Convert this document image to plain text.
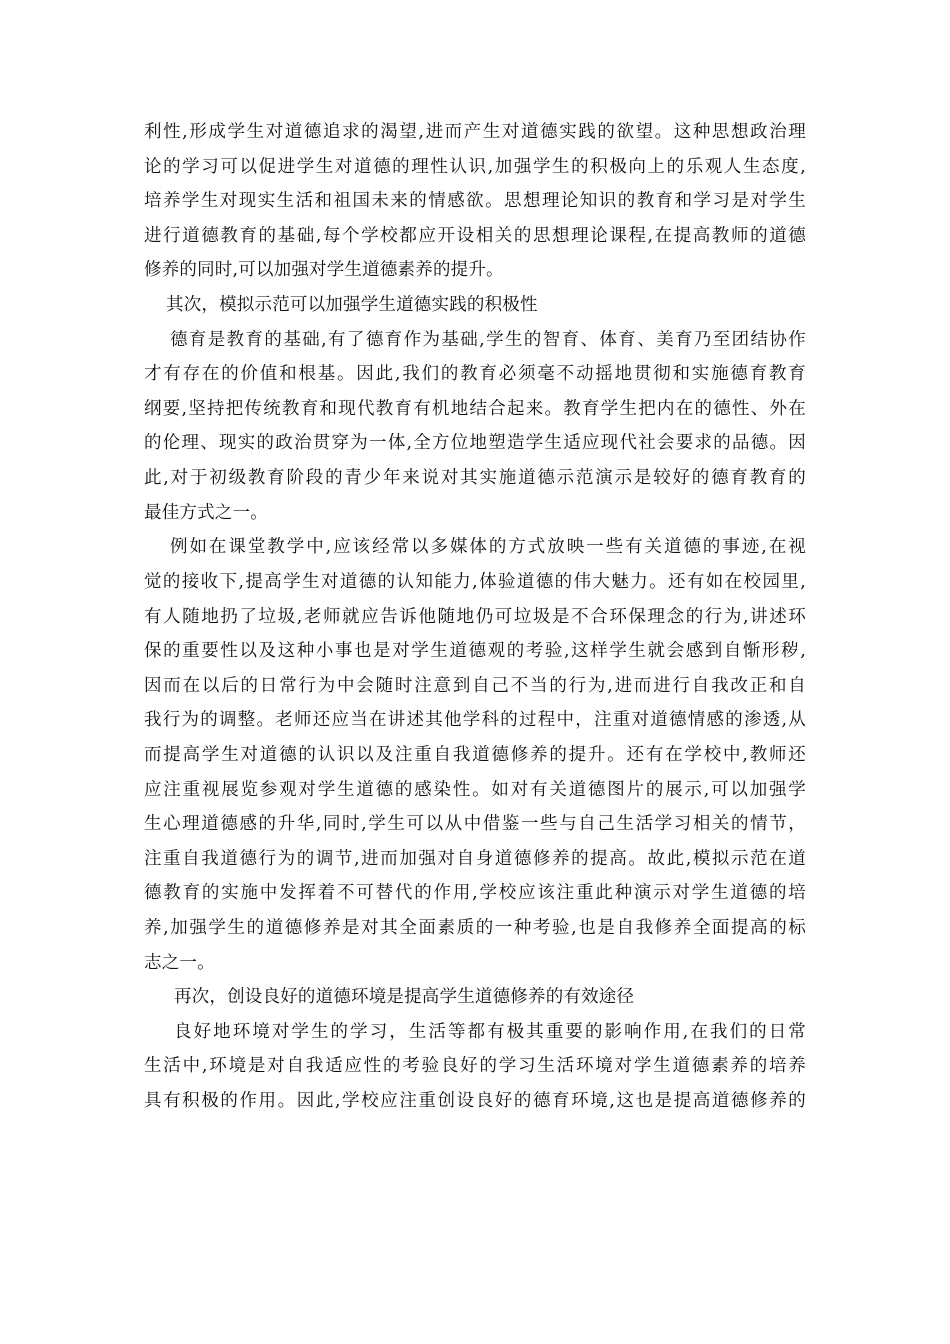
利性,形成学生对道德追求的渴望,进而产生对道德实践的欲望。这种思想政治理
论的学习可以促进学生对道德的理性认识,加强学生的积极向上的乐观人生态度,
培养学生对现实生活和祖国未来的情感欲。思想理论知识的教育和学习是对学生
进行道德教育的基础,每个学校都应开设相关的思想理论课程,在提高教师的道德
修养的同时,可以加强对学生道德素养的提升。
其次，模拟示范可以加强学生道德实践的积极性
德育是教育的基础,有了德育作为基础,学生的智育、体育、美育乃至团结协作
才有存在的价值和根基。因此,我们的教育必须毫不动摇地贯彻和实施德育教育
纲要,坚持把传统教育和现代教育有机地结合起来。教育学生把内在的德性、外在
的伦理、现实的政治贯穿为一体,全方位地塑造学生适应现代社会要求的品德。因
此,对于初级教育阶段的青少年来说对其实施道德示范演示是较好的德育教育的
最佳方式之一。
例如在课堂教学中,应该经常以多媒体的方式放映一些有关道德的事迹,在视
觉的接收下,提高学生对道德的认知能力,体验道德的伟大魅力。还有如在校园里,
有人随地扔了垃圾,老师就应告诉他随地仍可垃圾是不合环保理念的行为,讲述环
保的重要性以及这种小事也是对学生道德观的考验,这样学生就会感到自惭形秽,
因而在以后的日常行为中会随时注意到自己不当的行为,进而进行自我改正和自
我行为的调整。老师还应当在讲述其他学科的过程中，注重对道德情感的渗透,从
而提高学生对道德的认识以及注重自我道德修养的提升。还有在学校中,教师还
应注重视展览参观对学生道德的感染性。如对有关道德图片的展示,可以加强学
生心理道德感的升华,同时,学生可以从中借鉴一些与自己生活学习相关的情节，
注重自我道德行为的调节,进而加强对自身道德修养的提高。故此,模拟示范在道
德教育的实施中发挥着不可替代的作用,学校应该注重此种演示对学生道德的培
养,加强学生的道德修养是对其全面素质的一种考验,也是自我修养全面提高的标
志之一。
再次，创设良好的道德环境是提高学生道德修养的有效途径
良好地环境对学生的学习，生活等都有极其重要的影响作用,在我们的日常
生活中,环境是对自我适应性的考验良好的学习生活环境对学生道德素养的培养
具有积极的作用。因此,学校应注重创设良好的德育环境,这也是提高道德修养的
